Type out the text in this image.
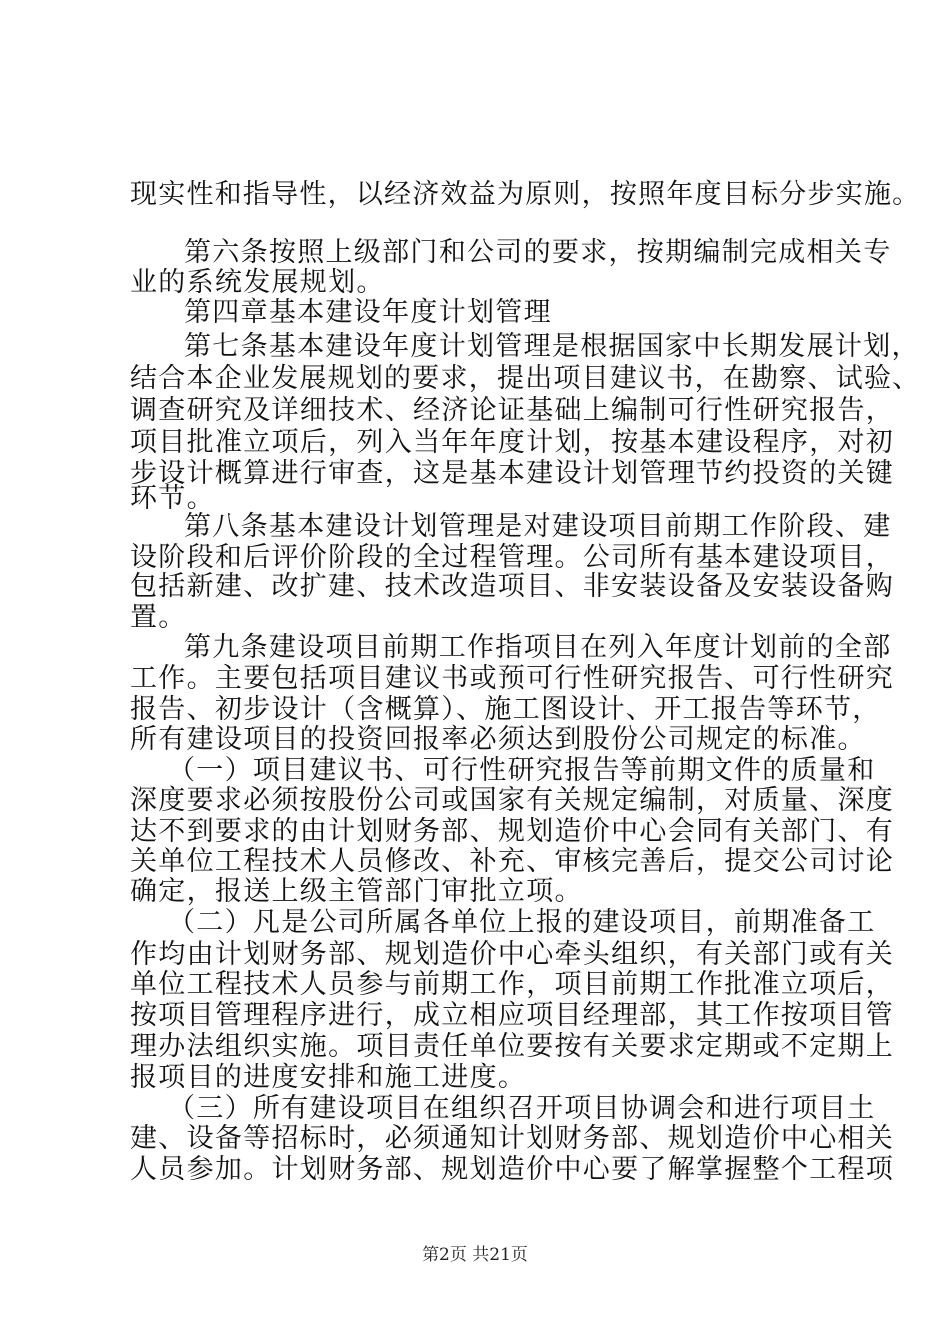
现实性和指导性，以经济效益为原则，按照年度目标分步实施。
第六条按照上级部门和公司的要求，按期编制完成相关专
业的系统发展规划。
第四章基本建设年度计划管理
第七条基本建设年度计划管理是根据国家中长期发展计划，
结合本企业发展规划的要求，提出项目建议书，在勘察、试验、
调查研究及详细技术、经济论证基础上编制可行性研究报告，
项目批准立项后，列入当年年度计划，按基本建设程序，对初
步设计概算进行审查，这是基本建设计划管理节约投资的关键
环节。
第八条基本建设计划管理是对建设项目前期工作阶段、建
设阶段和后评价阶段的全过程管理。公司所有基本建设项目，
包括新建、改扩建、技术改造项目、非安装设备及安装设备购
置。
第九条建设项目前期工作指项目在列入年度计划前的全部
工作。主要包括项目建议书或预可行性研究报告、可行性研究
报告、初步设计（含概算）、施工图设计、开工报告等环节，
所有建设项目的投资回报率必须达到股份公司规定的标准。
（一）项目建议书、可行性研究报告等前期文件的质量和
深度要求必须按股份公司或国家有关规定编制，对质量、深度
达不到要求的由计划财务部、规划造价中心会同有关部门、有
关单位工程技术人员修改、补充、审核完善后，提交公司讨论
确定，报送上级主管部门审批立项。
（二）凡是公司所属各单位上报的建设项目，前期准备工
作均由计划财务部、规划造价中心牵头组织，有关部门或有关
单位工程技术人员参与前期工作，项目前期工作批准立项后，
按项目管理程序进行，成立相应项目经理部，其工作按项目管
理办法组织实施。项目责任单位要按有关要求定期或不定期上
报项目的进度安排和施工进度。
（三）所有建设项目在组织召开项目协调会和进行项目土
建、设备等招标时，必须通知计划财务部、规划造价中心相关
人员参加。计划财务部、规划造价中心要了解掌握整个工程项
第2页 共21页
